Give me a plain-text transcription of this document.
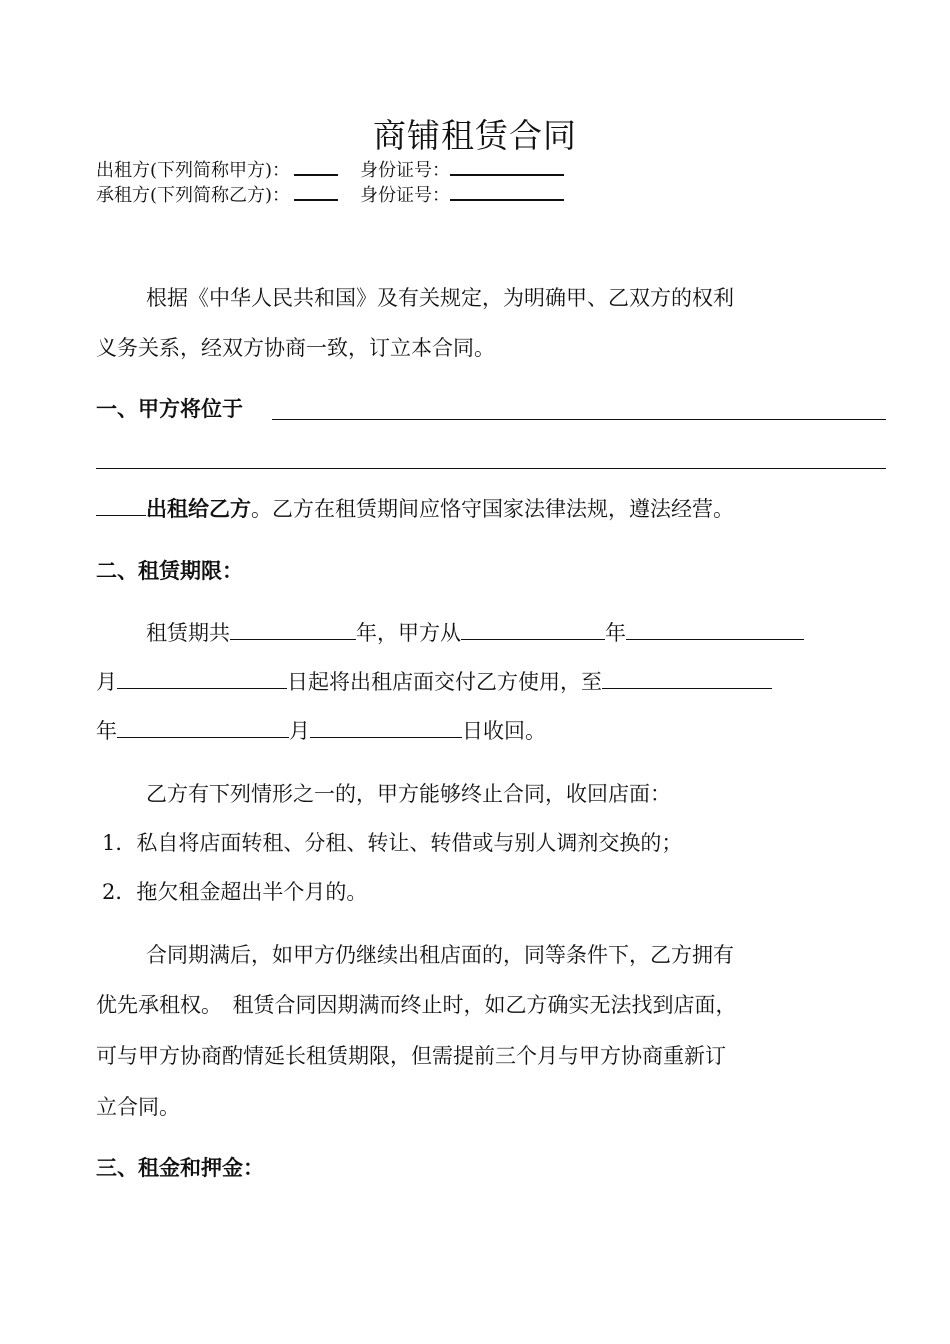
商铺租赁合同
出租方(下列简称甲方)：	身份证号：
承租方(下列简称乙方)：	身份证号：
根据《中华人民共和国》及有关规定，为明确甲、乙双方的权利
义务关系，经双方协商一致，订立本合同。
一、甲方将位于
出租给乙方。乙方在租赁期间应恪守国家法律法规，遵法经营。
二、租赁期限：
租赁期共	年，甲方从	年
月	日起将出租店面交付乙方使用，至
年	月	日收回。
乙方有下列情形之一的，甲方能够终止合同，收回店面：
1．私自将店面转租、分租、转让、转借或与别人调剂交换的；
2．拖欠租金超出半个月的。
合同期满后，如甲方仍继续出租店面的，同等条件下，乙方拥有
优先承租权。　租赁合同因期满而终止时，如乙方确实无法找到店面，
可与甲方协商酌情延长租赁期限，但需提前三个月与甲方协商重新订
立合同。
三、租金和押金：
